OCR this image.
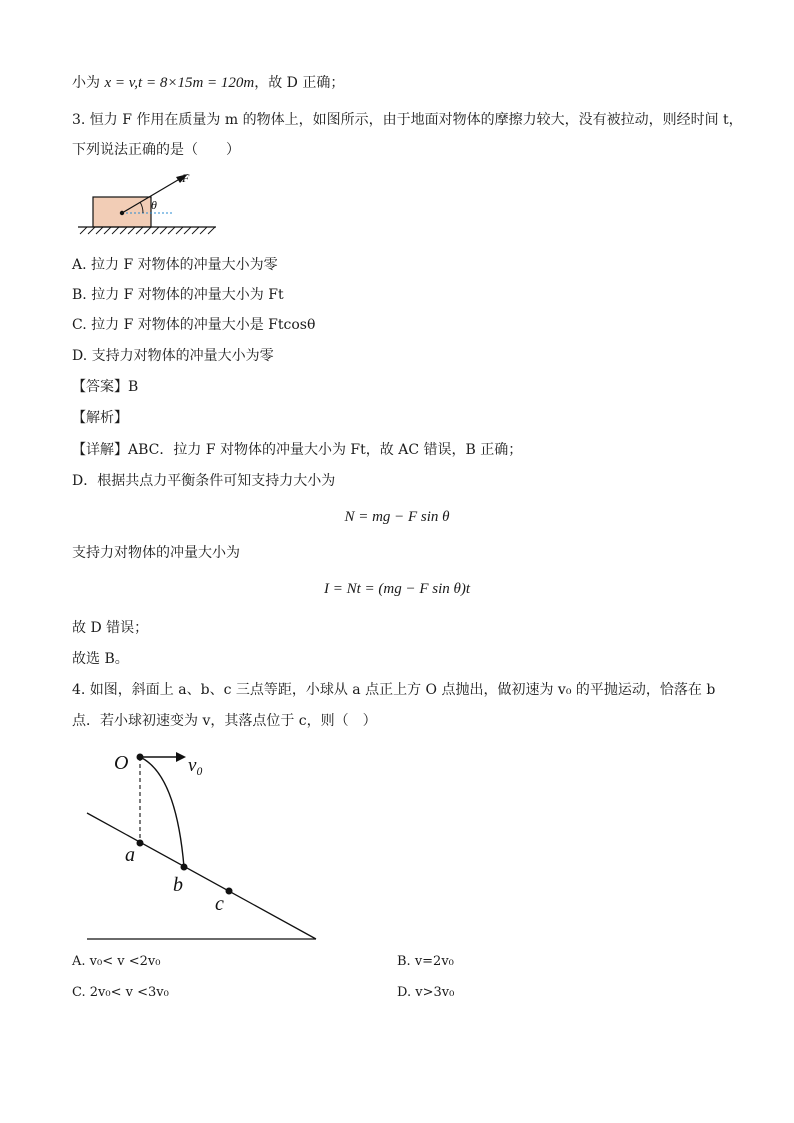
小为 x = v,t = 8×15m = 120m，故 D 正确；
3. 恒力 F 作用在质量为 m 的物体上，如图所示，由于地面对物体的摩擦力较大，没有被拉动，则经时间 t，
下列说法正确的是（　　）
F
θ
A. 拉力 F 对物体的冲量大小为零
B. 拉力 F 对物体的冲量大小为 Ft
C. 拉力 F 对物体的冲量大小是 Ftcosθ
D. 支持力对物体的冲量大小为零
【答案】B
【解析】
【详解】ABC．拉力 F 对物体的冲量大小为 Ft，故 AC 错误，B 正确；
D．根据共点力平衡条件可知支持力大小为
N = mg − F sin θ
支持力对物体的冲量大小为
I = Nt = (mg − F sin θ)t
故 D 错误；
故选 B。
4. 如图，斜面上 a、b、c 三点等距，小球从 a 点正上方 O 点抛出，做初速为 v₀ 的平抛运动，恰落在 b
点．若小球初速变为 v，其落点位于 c，则（　）
O	v₀
a
b
c
A. v₀< v <2v₀	B. v=2v₀
C. 2v₀< v <3v₀	D. v>3v₀
